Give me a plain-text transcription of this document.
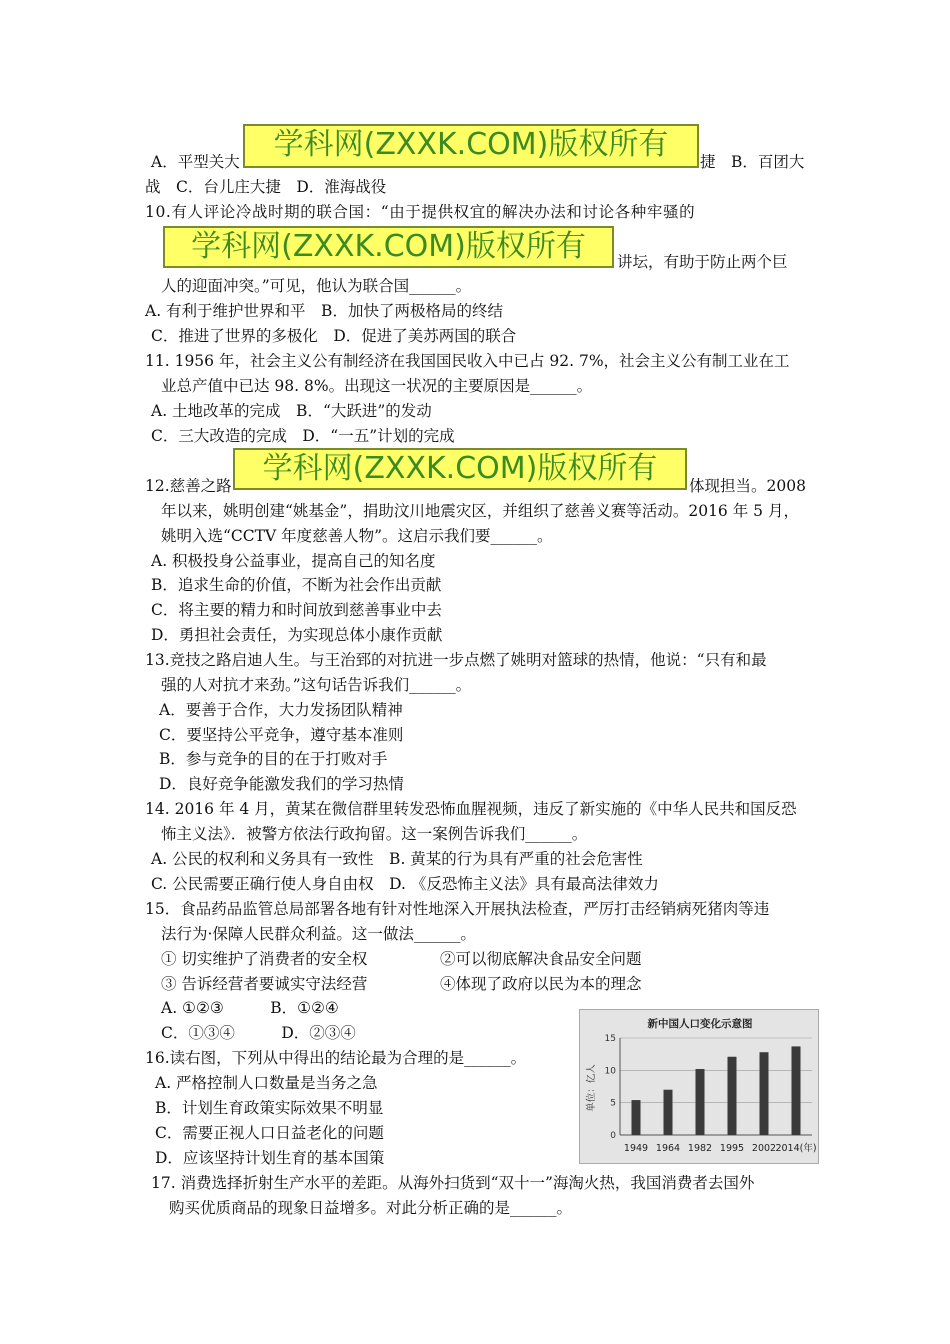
学科网(ZXXK.COM)版权所有
学科网(ZXXK.COM)版权所有
学科网(ZXXK.COM)版权所有
A．平型关大	捷　B．百团大
战　C．台儿庄大捷　D．淮海战役
10.有人评论冷战时期的联合国：“由于提供权宜的解决办法和讨论各种牢骚的
讲坛，有助于防止两个巨
人的迎面冲突。”可见，他认为联合国______。
A. 有利于维护世界和平　B．加快了两极格局的终结
C．推进了世界的多极化　D．促进了美苏两国的联合
11. 1956 年，社会主义公有制经济在我国国民收入中已占 92. 7%，社会主义公有制工业在工
业总产值中已达 98. 8%。出现这一状况的主要原因是______。
A. 土地改革的完成　B．“大跃进”的发动
C．三大改造的完成　D．“一五”计划的完成
12.慈善之路	体现担当。2008
年以来，姚明创建“姚基金”，捐助汶川地震灾区，并组织了慈善义赛等活动。2016 年 5 月，
姚明入选“CCTV 年度慈善人物”。这启示我们要______。
A. 积极投身公益事业，提高自己的知名度
B．追求生命的价值，不断为社会作出贡献
C．将主要的精力和时间放到慈善事业中去
D．勇担社会责任，为实现总体小康作贡献
13.竞技之路启迪人生。与王治郅的对抗进一步点燃了姚明对篮球的热情，他说：“只有和最
强的人对抗才来劲。”这句话告诉我们______。
A．要善于合作，大力发扬团队精神
C．要坚持公平竞争，遵守基本准则
B．参与竞争的目的在于打败对手
D．良好竞争能激发我们的学习热情
14. 2016 年 4 月，黄某在微信群里转发恐怖血腥视频，违反了新实施的《中华人民共和国反恐
怖主义法》．被警方依法行政拘留。这一案例告诉我们______。
A. 公民的权利和义务具有一致性　B. 黄某的行为具有严重的社会危害性
C. 公民需要正确行使人身自由权　D. 《反恐怖主义法》具有最高法律效力
15．食品药品监管总局部署各地有针对性地深入开展执法检查，严厉打击经销病死猪肉等违
法行为·保障人民群众利益。这一做法______。
① 切实维护了消费者的安全权	②可以彻底解决食品安全问题
③ 告诉经营者要诚实守法经营	④体现了政府以民为本的理念
A. ①②③　　　B．①②④
C．①③④　　　D．②③④
16.读右图，下列从中得出的结论最为合理的是______。
A. 严格控制人口数量是当务之急
B．计划生育政策实际效果不明显
C．需要正视人口日益老化的问题
D．应该坚持计划生育的基本国策
17. 消费选择折射生产水平的差距。从海外扫货到“双十一”海淘火热，我国消费者去国外
购买优质商品的现象日益增多。对此分析正确的是______。
新中国人口变化示意图
单位：亿人
0
5
10
15
1949 1964 1982 1995 2002 2014(年)
